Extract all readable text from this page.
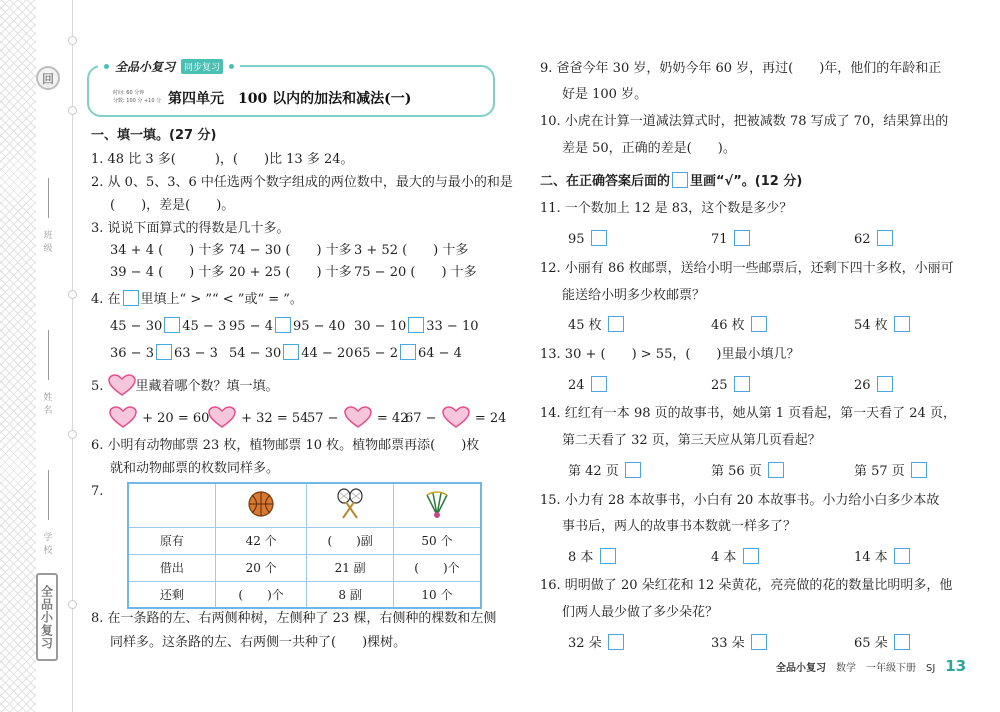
回
班级
姓名
学校
全品小复习
全品小复习	同步复习
时间: 60 分钟
分数: 100 分 +10 分 第四单元　100 以内的加法和减法(一)
一、填一填。(27 分)
1. 48 比 3 多(　　　)，(　　)比 13 多 24。
2. 从 0、5、3、6 中任选两个数字组成的两位数中，最大的与最小的和是
(　　)，差是(　　)。
3. 说说下面算式的得数是几十多。
34 + 4 (　　) 十多 74 − 30 (　　) 十多 3 + 52 (　　) 十多
39 − 4 (　　) 十多 20 + 25 (　　) 十多 75 − 20 (　　) 十多
4. 在 里填上“ > ”“ < ”或“ = ”。
45 − 30 45 − 3 95 − 4 95 − 40 30 − 10 33 − 10
36 − 3 63 − 3 54 − 30 44 − 20 65 − 2 64 − 4
5. 里藏着哪个数？填一填。
+ 20 = 60	+ 32 = 54
57 −	= 42
67 −	= 24
6. 小明有动物邮票 23 枚，植物邮票 10 枚。植物邮票再添(　　)枚
就和动物邮票的枚数同样多。
7.

原有	42 个	(　　)副	50 个
借出	20 个	21 副	(　　)个
还剩	(　　)个	8 副	10 个
8. 在一条路的左、右两侧种树，左侧种了 23 棵，右侧种的棵数和左侧
同样多。这条路的左、右两侧一共种了(　　)棵树。
9. 爸爸今年 30 岁，奶奶今年 60 岁，再过(　　)年，他们的年龄和正
好是 100 岁。
10. 小虎在计算一道减法算式时，把被减数 78 写成了 70，结果算出的
差是 50，正确的差是(　　)。
二、在正确答案后面的 里画“√”。(12 分)
11. 一个数加上 12 是 83，这个数是多少？
95	71	62
12. 小丽有 86 枚邮票，送给小明一些邮票后，还剩下四十多枚，小丽可
能送给小明多少枚邮票？
45 枚	46 枚	54 枚
13. 30 + (　　) > 55，(　　)里最小填几？
24	25	26
14. 红红有一本 98 页的故事书，她从第 1 页看起，第一天看了 24 页，
第二天看了 32 页，第三天应从第几页看起？
第 42 页	第 56 页	第 57 页
15. 小力有 28 本故事书，小白有 20 本故事书。小力给小白多少本故
事书后，两人的故事书本数就一样多了？
8 本	4 本	14 本
16. 明明做了 20 朵红花和 12 朵黄花，亮亮做的花的数量比明明多，他
们两人最少做了多少朵花？
32 朵	33 朵	65 朵
全品小复习 数学 一年级下册 SJ 13
